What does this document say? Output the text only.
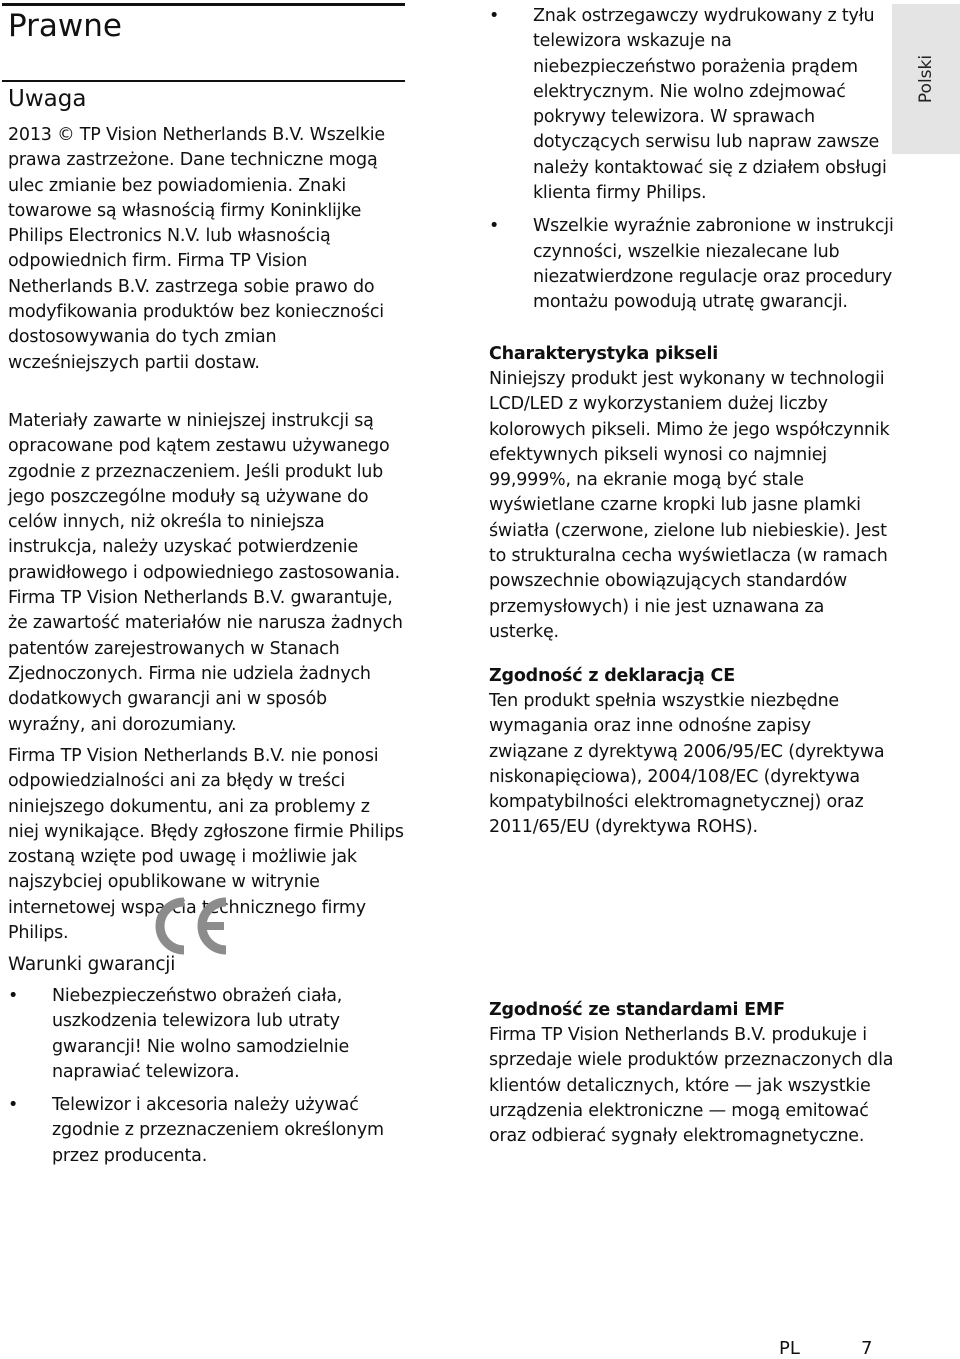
Prawne
Uwaga

2013 © TP Vision Netherlands B.V. Wszelkie prawa zastrzeżone. Dane techniczne mogą ulec zmianie bez powiadomienia. Znaki towarowe są własnością firmy Koninklijke Philips Electronics N.V. lub własnością odpowiednich firm. Firma TP Vision Netherlands B.V. zastrzega sobie prawo do modyfikowania produktów bez konieczności dostosowywania do tych zmian wcześniejszych partii dostaw.

Materiały zawarte w niniejszej instrukcji są opracowane pod kątem zestawu używanego zgodnie z przeznaczeniem. Jeśli produkt lub jego poszczególne moduły są używane do celów innych, niż określa to niniejsza instrukcja, należy uzyskać potwierdzenie prawidłowego i odpowiedniego zastosowania. Firma TP Vision Netherlands B.V. gwarantuje, że zawartość materiałów nie narusza żadnych patentów zarejestrowanych w Stanach Zjednoczonych. Firma nie udziela żadnych dodatkowych gwarancji ani w sposób wyraźny, ani dorozumiany.

Firma TP Vision Netherlands B.V. nie ponosi odpowiedzialności ani za błędy w treści niniejszego dokumentu, ani za problemy z niej wynikające. Błędy zgłoszone firmie Philips zostaną wzięte pod uwagę i możliwie jak najszybciej opublikowane w witrynie internetowej wsparcia technicznego firmy Philips.

Warunki gwarancji
• Niebezpieczeństwo obrażeń ciała, uszkodzenia telewizora lub utraty gwarancji! Nie wolno samodzielnie naprawiać telewizora.
• Telewizor i akcesoria należy używać zgodnie z przeznaczeniem określonym przez producenta.
• Znak ostrzegawczy wydrukowany z tyłu telewizora wskazuje na niebezpieczeństwo porażenia prądem elektrycznym. Nie wolno zdejmować pokrywy telewizora. W sprawach dotyczących serwisu lub napraw zawsze należy kontaktować się z działem obsługi klienta firmy Philips.
• Wszelkie wyraźnie zabronione w instrukcji czynności, wszelkie niezalecane lub niezatwierdzone regulacje oraz procedury montażu powodują utratę gwarancji.
Charakterystyka pikseli

Niniejszy produkt jest wykonany w technologii LCD/LED z wykorzystaniem dużej liczby kolorowych pikseli. Mimo że jego współczynnik efektywnych pikseli wynosi co najmniej 99,999%, na ekranie mogą być stale wyświetlane czarne kropki lub jasne plamki światła (czerwone, zielone lub niebieskie). Jest to strukturalna cecha wyświetlacza (w ramach powszechnie obowiązujących standardów przemysłowych) i nie jest uznawana za usterkę.

Zgodność z deklaracją CE

Ten produkt spełnia wszystkie niezbędne wymagania oraz inne odnośne zapisy związane z dyrektywą 2006/95/EC (dyrektywa niskonapięciowa), 2004/108/EC (dyrektywa kompatybilności elektromagnetycznej) oraz 2011/65/EU (dyrektywa ROHS).

Zgodność ze standardami EMF

Firma TP Vision Netherlands B.V. produkuje i sprzedaje wiele produktów przeznaczonych dla klientów detalicznych, które — jak wszystkie urządzenia elektroniczne — mogą emitować oraz odbierać sygnały elektromagnetyczne.

Polski
PL	7
